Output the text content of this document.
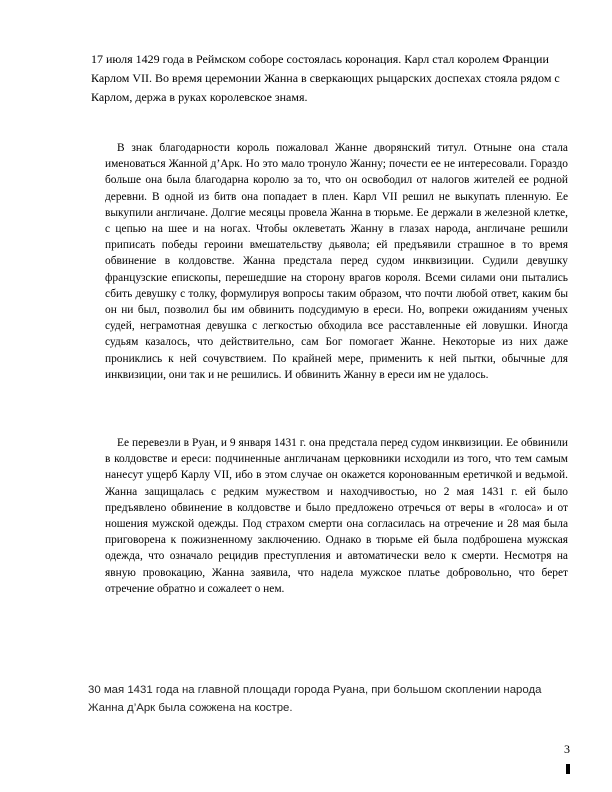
17 июля 1429 года в Реймском соборе состоялась коронация. Карл стал королем Франции Карлом VII. Во время церемонии Жанна в сверкающих рыцарских доспехах стояла рядом с Карлом, держа в руках королевское знамя.

В знак благодарности король пожаловал Жанне дворянский титул. Отныне она стала именоваться Жанной д’Арк. Но это мало тронуло Жанну; почести ее не интересовали. Гораздо больше она была благодарна королю за то, что он освободил от налогов жителей ее родной деревни. В одной из битв она попадает в плен. Карл VII решил не выкупать пленную. Ее выкупили англичане. Долгие месяцы провела Жанна в тюрьме. Ее держали в железной клетке, с цепью на шее и на ногах. Чтобы оклеветать Жанну в глазах народа, англичане решили приписать победы героини вмешательству дьявола; ей предъявили страшное в то время обвинение в колдовстве. Жанна предстала перед судом инквизиции. Судили девушку французские епископы, перешедшие на сторону врагов короля. Всеми силами они пытались сбить девушку с толку, формулируя вопросы таким образом, что почти любой ответ, каким бы он ни был, позволил бы им обвинить подсудимую в ереси. Но, вопреки ожиданиям ученых судей, неграмотная девушка с легкостью обходила все расставленные ей ловушки. Иногда судьям казалось, что действительно, сам Бог помогает Жанне. Некоторые из них даже прониклись к ней сочувствием. По крайней мере, применить к ней пытки, обычные для инквизиции, они так и не решились. И обвинить Жанну в ереси им не удалось.

Ее перевезли в Руан, и 9 января 1431 г. она предстала перед судом инквизиции. Ее обвинили в колдовстве и ереси: подчиненные англичанам церковники исходили из того, что тем самым нанесут ущерб Карлу VII, ибо в этом случае он окажется коронованным еретичкой и ведьмой. Жанна защищалась с редким мужеством и находчивостью, но 2 мая 1431 г. ей было предъявлено обвинение в колдовстве и было предложено отречься от веры в «голоса» и от ношения мужской одежды. Под страхом смерти она согласилась на отречение и 28 мая была приговорена к пожизненному заключению. Однако в тюрьме ей была подброшена мужская одежда, что означало рецидив преступления и автоматически вело к смерти. Несмотря на явную провокацию, Жанна заявила, что надела мужское платье добровольно, что берет отречение обратно и сожалеет о нем.

30 мая 1431 года на главной площади города Руана, при большом скоплении народа Жанна д’Арк была сожжена на костре.

3
